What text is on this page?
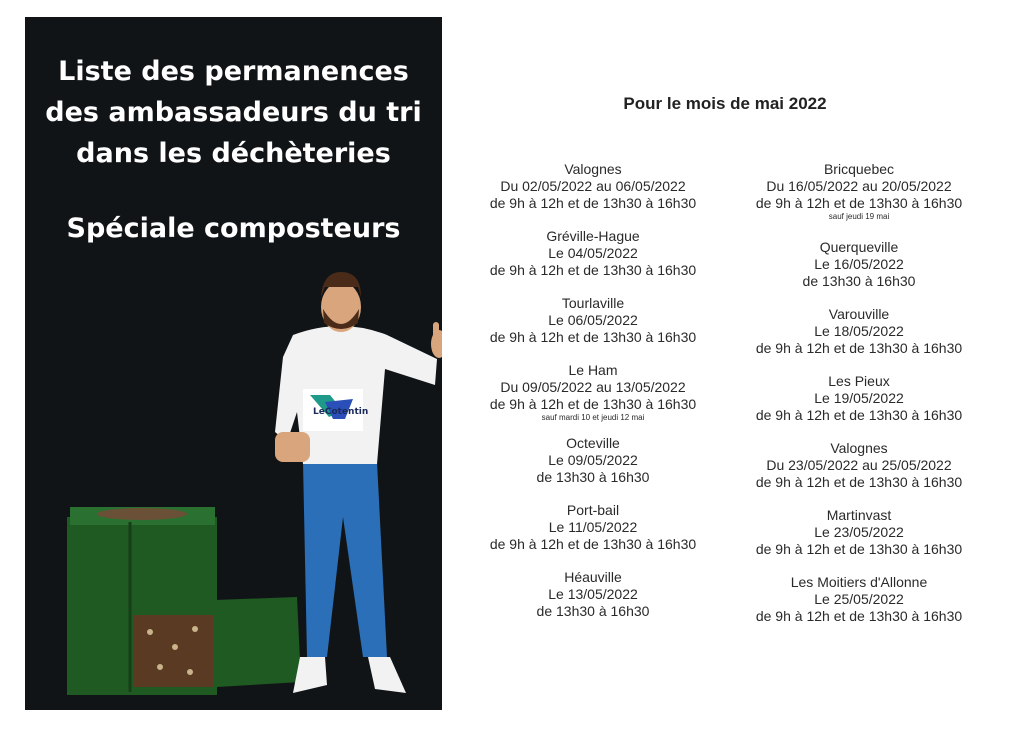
Liste des permanences
des ambassadeurs du tri
dans les déchèteries
Spéciale composteurs
LeCotentin
Pour le mois de mai 2022
Valognes
Du 02/05/2022 au 06/05/2022
de 9h à 12h et de 13h30 à 16h30
Gréville-Hague
Le 04/05/2022
de 9h à 12h et de 13h30 à 16h30
Tourlaville
Le 06/05/2022
de 9h à 12h et de 13h30 à 16h30
Le Ham
Du 09/05/2022 au 13/05/2022
de 9h à 12h et de 13h30 à 16h30
sauf mardi 10 et jeudi 12 mai
Octeville
Le 09/05/2022
de 13h30 à 16h30
Port-bail
Le 11/05/2022
de 9h à 12h et de 13h30 à 16h30
Héauville
Le 13/05/2022
de 13h30 à 16h30
Bricquebec
Du 16/05/2022 au 20/05/2022
de 9h à 12h et de 13h30 à 16h30
sauf jeudi 19 mai
Querqueville
Le 16/05/2022
de 13h30 à 16h30
Varouville
Le 18/05/2022
de 9h à 12h et de 13h30 à 16h30
Les Pieux
Le 19/05/2022
de 9h à 12h et de 13h30 à 16h30
Valognes
Du 23/05/2022 au 25/05/2022
de 9h à 12h et de 13h30 à 16h30
Martinvast
Le 23/05/2022
de 9h à 12h et de 13h30 à 16h30
Les Moitiers d'Allonne
Le 25/05/2022
de 9h à 12h et de 13h30 à 16h30
